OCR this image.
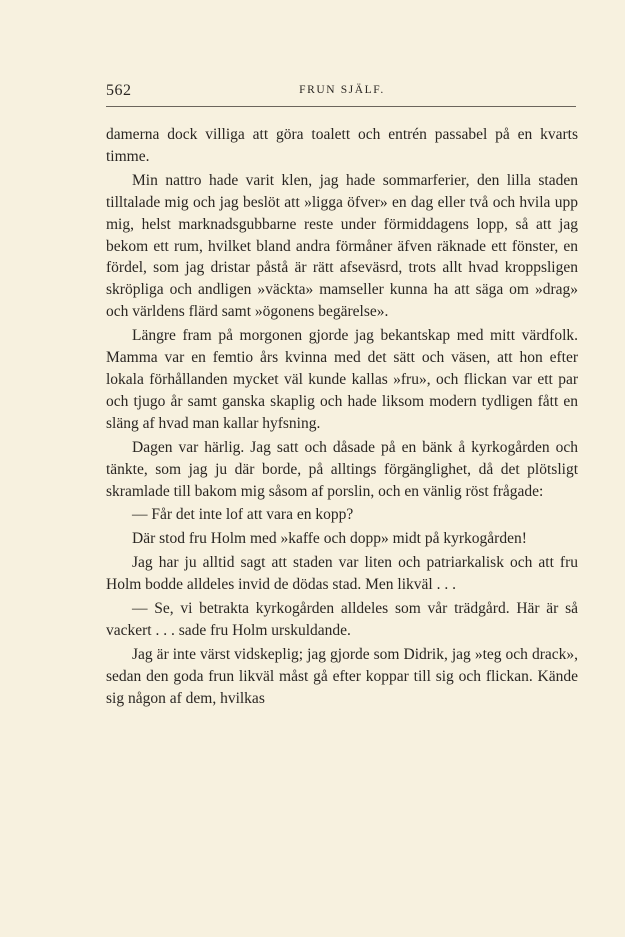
562	FRUN SJÄLF.

damerna dock villiga att göra toalett och entrén passabel på en kvarts timme.

Min nattro hade varit klen, jag hade sommarferier, den lilla staden tilltalade mig och jag beslöt att »ligga öfver» en dag eller två och hvila upp mig, helst marknadsgubbarne reste under förmiddagens lopp, så att jag bekom ett rum, hvilket bland andra förmåner äfven räknade ett fönster, en fördel, som jag dristar påstå är rätt afseväsrd, trots allt hvad kroppsligen skröpliga och andligen »väckta» mamseller kunna ha att säga om »drag» och världens flärd samt »ögonens begärelse».

Längre fram på morgonen gjorde jag bekantskap med mitt värdfolk. Mamma var en femtio års kvinna med det sätt och väsen, att hon efter lokala förhållanden mycket väl kunde kallas »fru», och flickan var ett par och tjugo år samt ganska skaplig och hade liksom modern tydligen fått en släng af hvad man kallar hyfsning.

Dagen var härlig. Jag satt och dåsade på en bänk å kyrkogården och tänkte, som jag ju där borde, på alltings förgänglighet, då det plötsligt skramlade till bakom mig såsom af porslin, och en vänlig röst frågade:

— Får det inte lof att vara en kopp?

Där stod fru Holm med »kaffe och dopp» midt på kyrkogården!

Jag har ju alltid sagt att staden var liten och patriarkalisk och att fru Holm bodde alldeles invid de dödas stad. Men likväl . . .

— Se, vi betrakta kyrkogården alldeles som vår trädgård. Här är så vackert . . . sade fru Holm urskuldande.

Jag är inte värst vidskeplig; jag gjorde som Didrik, jag »teg och drack», sedan den goda frun likväl måst gå efter koppar till sig och flickan. Kände sig någon af dem, hvilkas
